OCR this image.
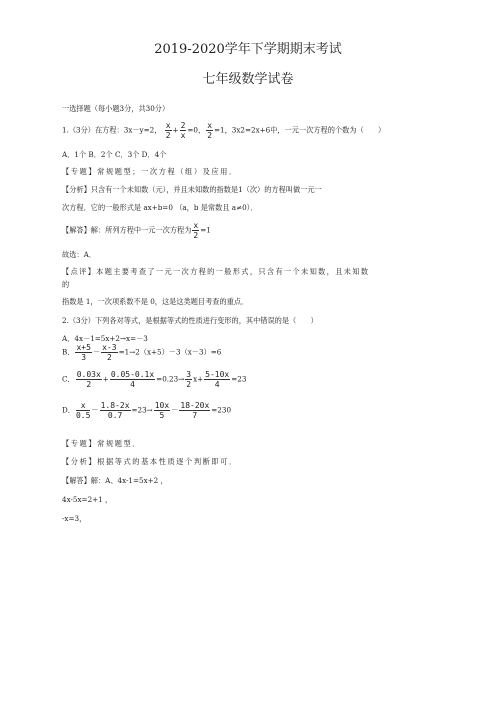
2019-2020学年下学期期末考试
七年级数学试卷
一选择题（每小题3分，共30分）
1.（3分）在方程：3x－y=2， $\frac{x}{2} + \frac{2}{x} =0$， $\frac{x}{2} =1$，3x2=2x+6中，一元一次方程的个数为（　　）
A．1个 B．2个 C．3个 D．4个
【专题】常规题型；一次方程（组）及应用．
【分析】只含有一个未知数（元），并且未知数的指数是1（次）的方程叫做一元一
次方程．它的一般形式是 ax+b=0 （a，b 是常数且 a≠0）．
【解答】解：所列方程中一元一次方程为 $\frac{x}{2} =1$
故选：A．
【点评】本题主要考查了一元一次方程的一般形式，只含有一个未知数，且未知数
的
指数是 1，一次项系数不是 0，这是这类题目考查的重点．
2.（3分）下列各对等式，是根据等式的性质进行变形的，其中错误的是（　　）
A．4x－1=5x+2→x=－3
B． $\frac{x+5}{3} - \frac{x-3}{2} =1\to 2(x+5)-3(x-3)=6$
C． $\frac{0.03x}{2} + \frac{0.05-0.1x}{4} =0.23\to \frac{3}{2} x+ \frac{5-10x}{4} =23$
D． $\frac{x}{0.5} - \frac{1.8-2x}{0.7} =23\to \frac{10x}{5} - \frac{18-20x}{7} =230$
【专题】常规题型．
【分析】根据等式的基本性质逐个判断即可．
【解答】解：A、4x-1=5x+2 ，
4x-5x=2+1 ，
-x=3，
